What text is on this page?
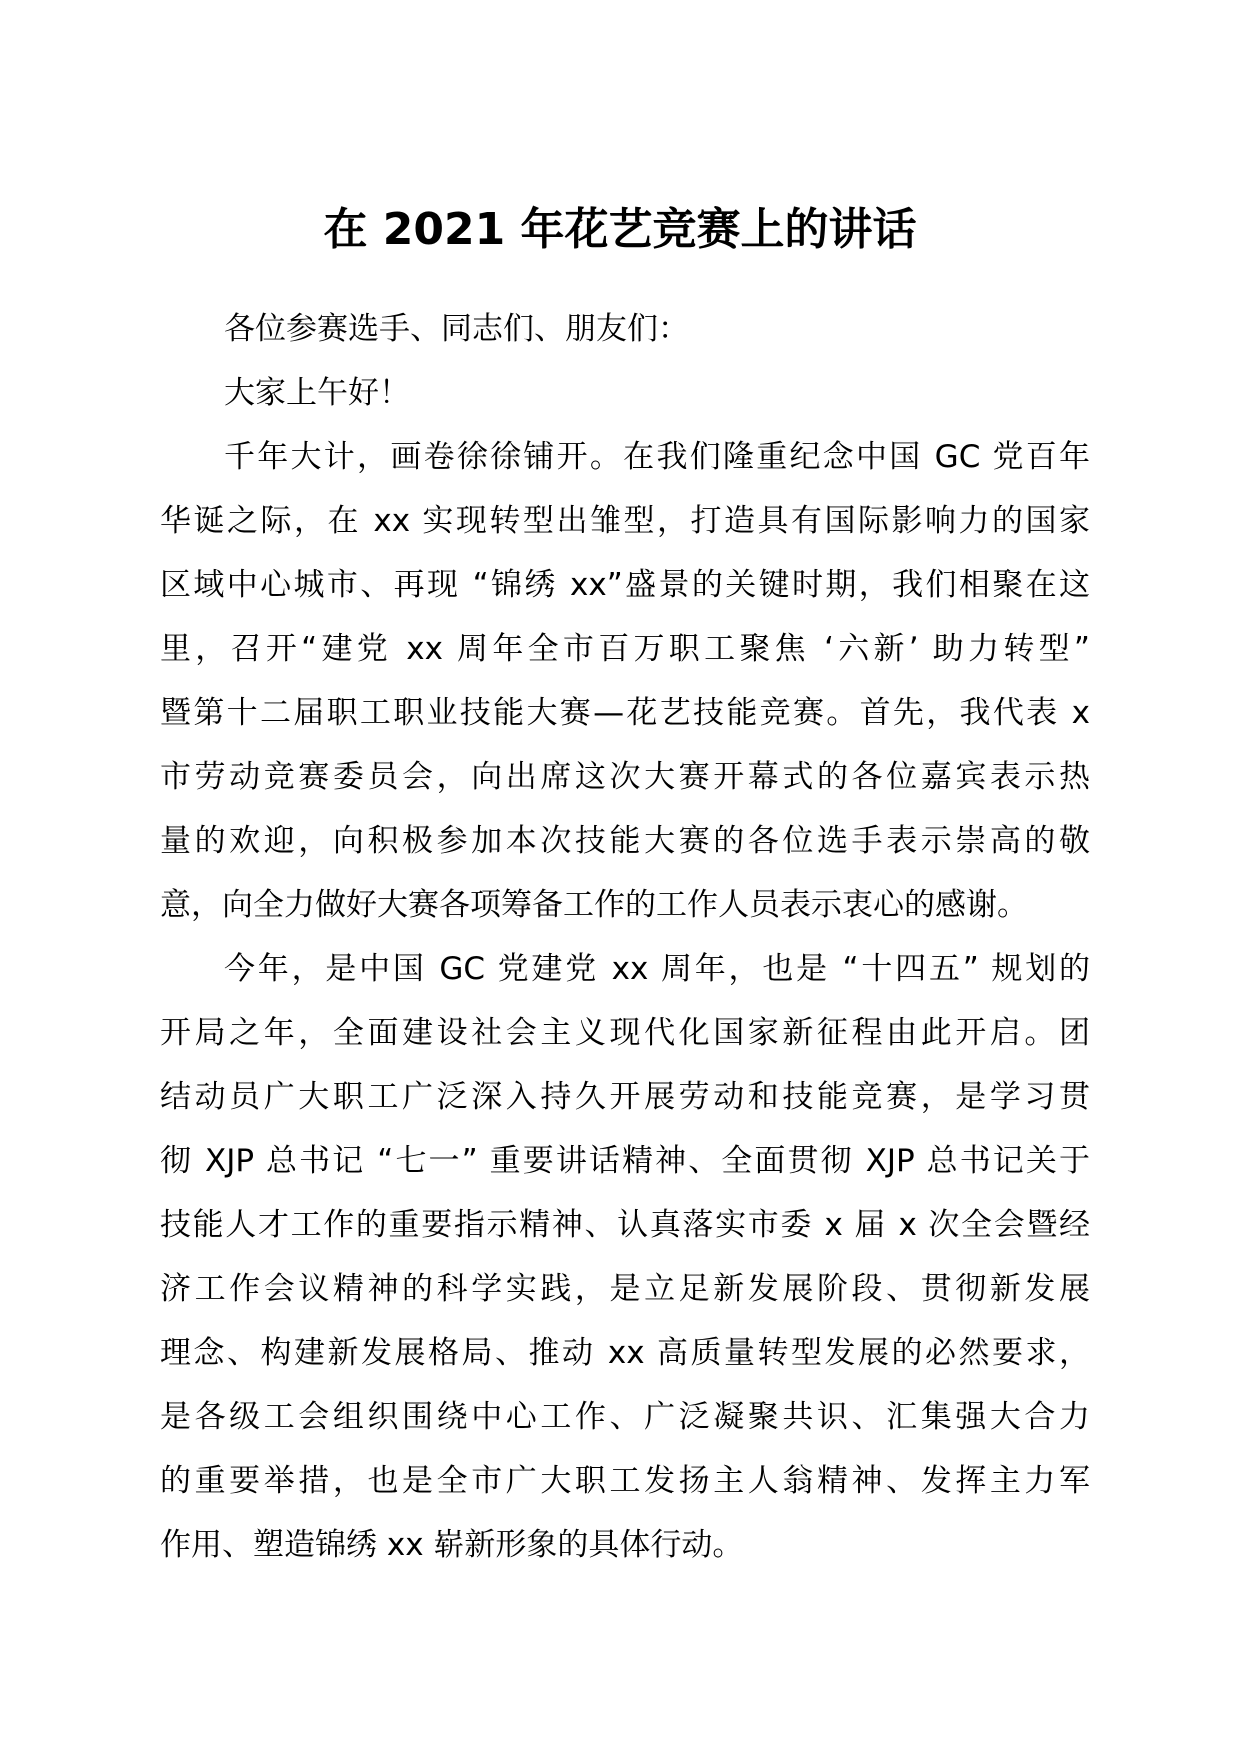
在 2021 年花艺竞赛上的讲话
各位参赛选手、同志们、朋友们：
大家上午好！
千年大计，画卷徐徐铺开。在我们隆重纪念中国 GC 党百年
华诞之际，在 xx 实现转型出雏型，打造具有国际影响力的国家
区域中心城市、再现 “锦绣 xx”盛景的关键时期，我们相聚在这
里，召开“建党 xx 周年全市百万职工聚焦 ‘六新’ 助力转型”
暨第十二届职工职业技能大赛—花艺技能竞赛。首先，我代表 x
市劳动竞赛委员会，向出席这次大赛开幕式的各位嘉宾表示热
量的欢迎，向积极参加本次技能大赛的各位选手表示崇高的敬
意，向全力做好大赛各项筹备工作的工作人员表示衷心的感谢。
今年，是中国 GC 党建党 xx 周年，也是 “十四五” 规划的
开局之年，全面建设社会主义现代化国家新征程由此开启。团
结动员广大职工广泛深入持久开展劳动和技能竞赛，是学习贯
彻 XJP 总书记 “七一” 重要讲话精神、全面贯彻 XJP 总书记关于
技能人才工作的重要指示精神、认真落实市委 x 届 x 次全会暨经
济工作会议精神的科学实践，是立足新发展阶段、贯彻新发展
理念、构建新发展格局、推动 xx 高质量转型发展的必然要求，
是各级工会组织围绕中心工作、广泛凝聚共识、汇集强大合力
的重要举措，也是全市广大职工发扬主人翁精神、发挥主力军
作用、塑造锦绣 xx 崭新形象的具体行动。
